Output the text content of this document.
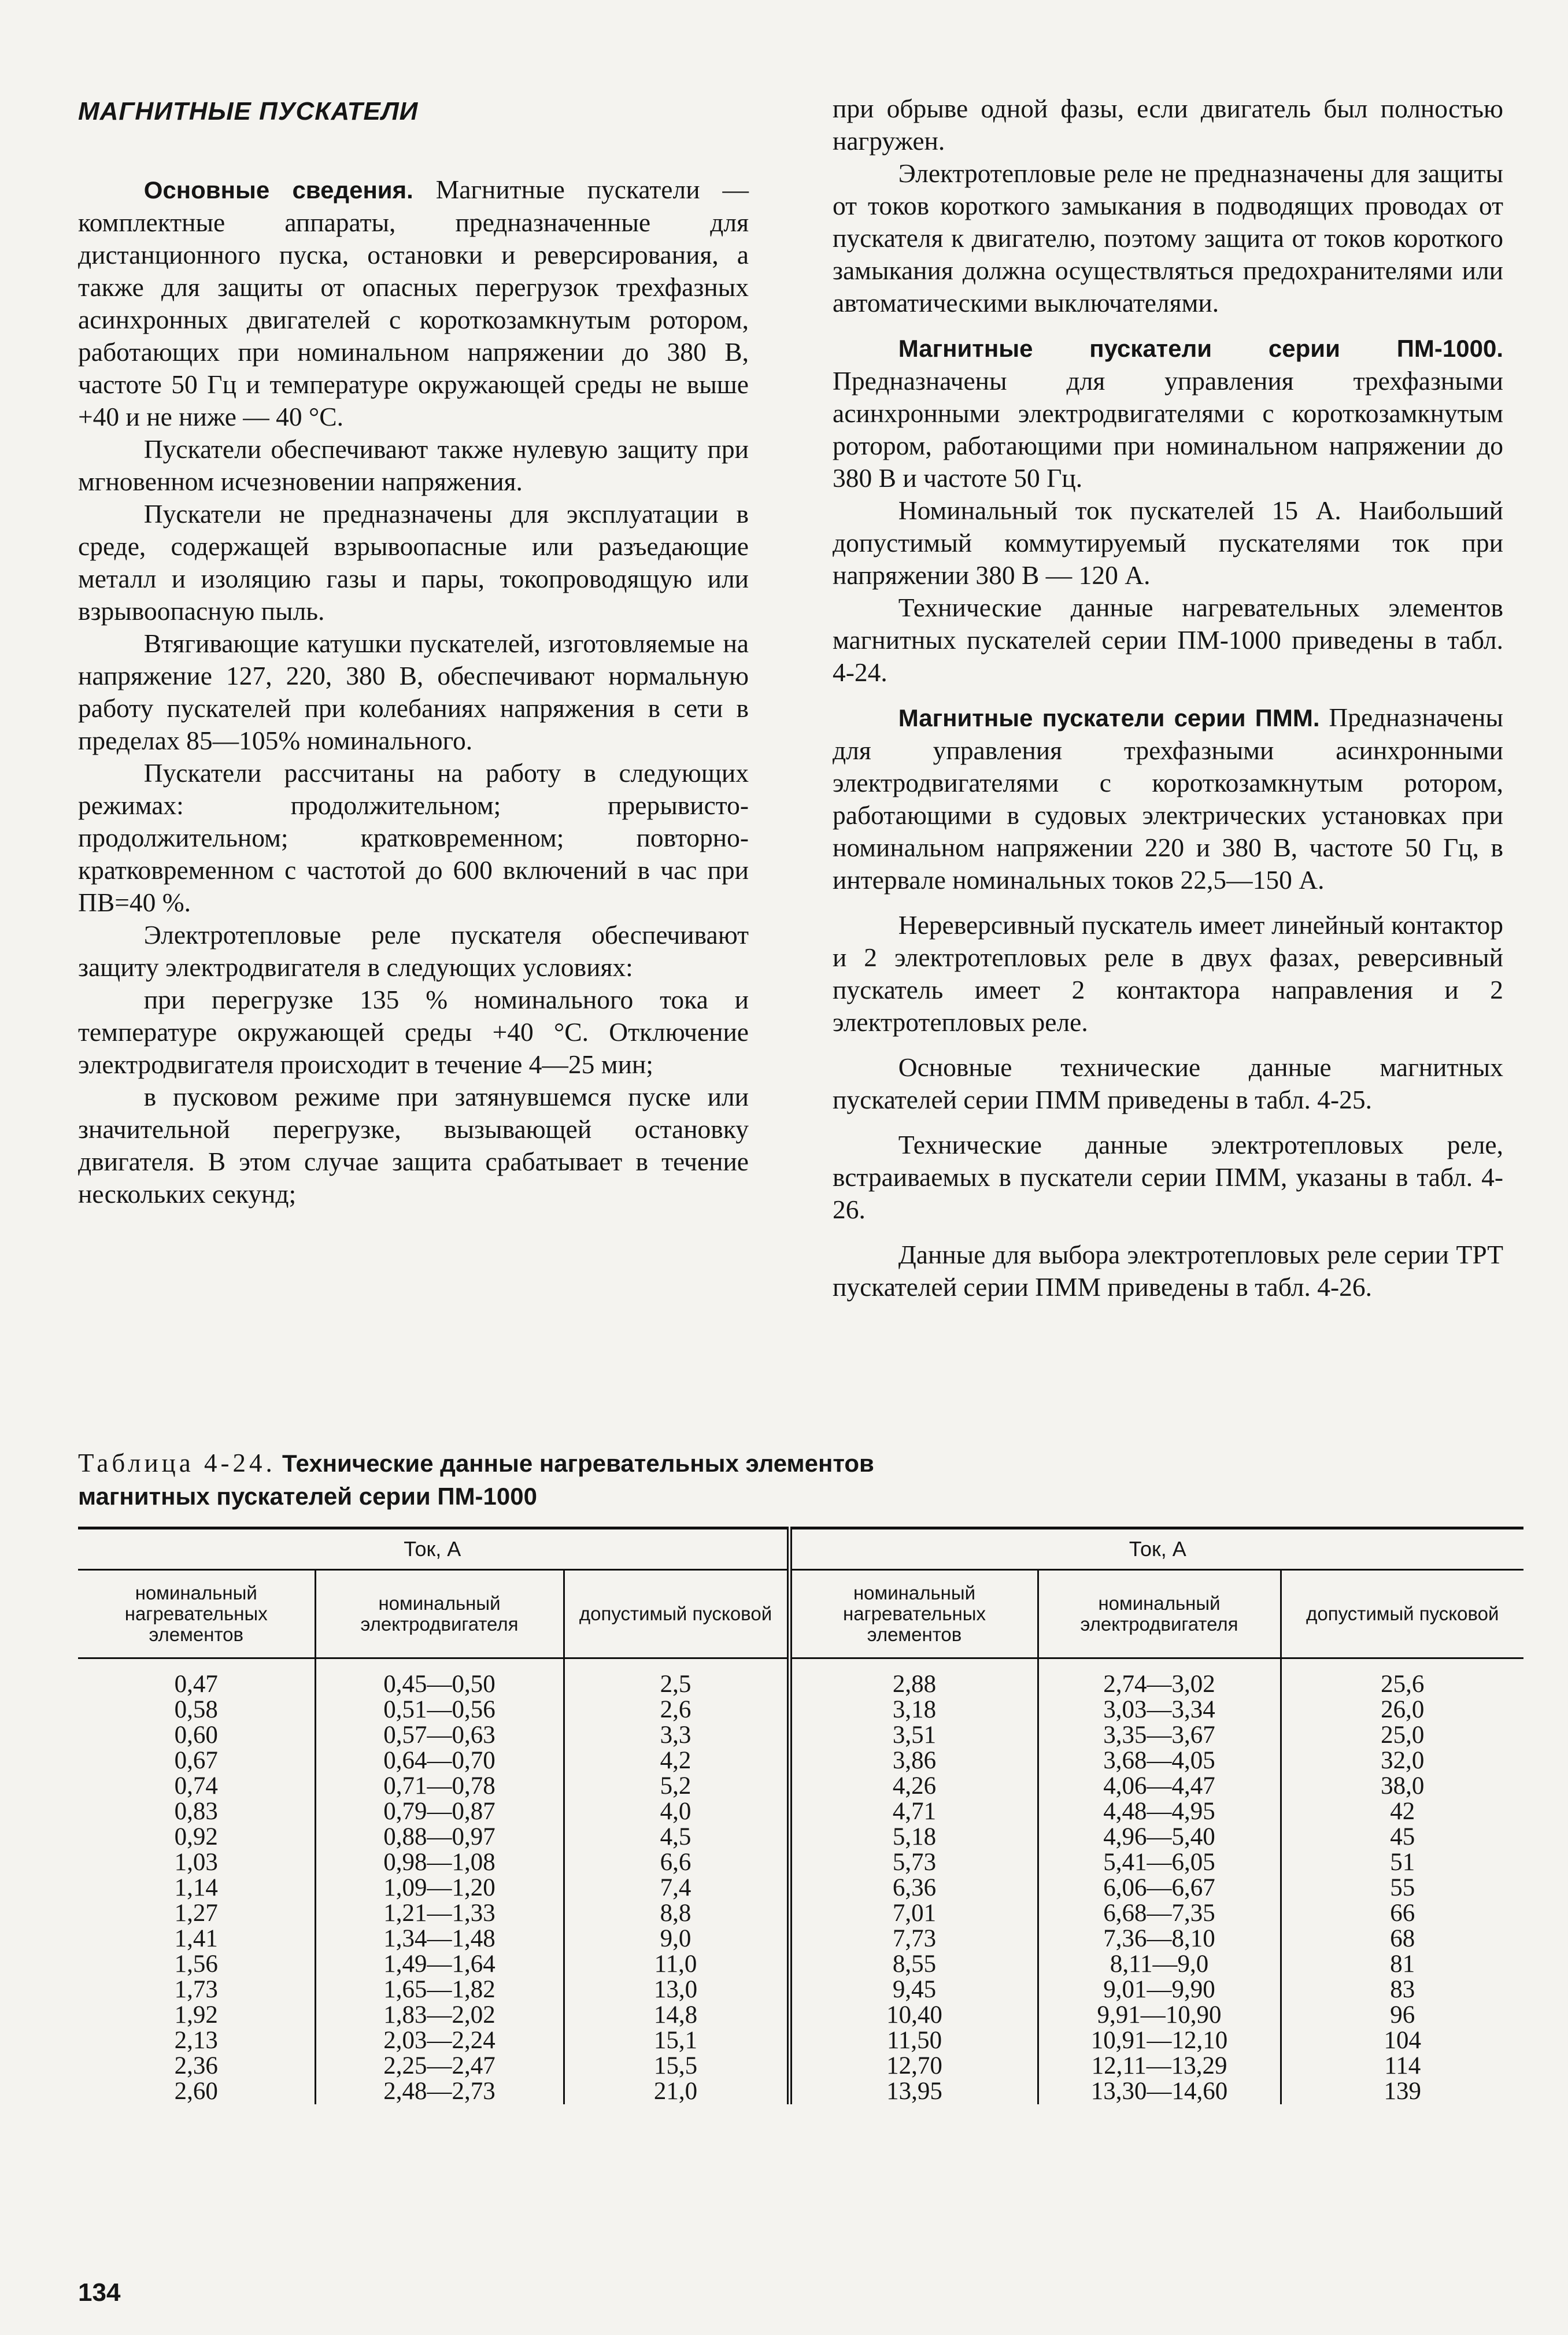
МАГНИТНЫЕ ПУСКАТЕЛИ

Основные сведения. Магнитные пускатели — комплектные аппараты, предназначенные для дистанционного пуска, остановки и реверсирования, а также для защиты от опасных перегрузок трехфазных асинхронных двигателей с короткозамкнутым ротором, работающих при номинальном напряжении до 380 В, частоте 50 Гц и температуре окружающей среды не выше +40 и не ниже — 40 °С.

Пускатели обеспечивают также нулевую защиту при мгновенном исчезновении напряжения.

Пускатели не предназначены для эксплуатации в среде, содержащей взрывоопасные или разъедающие металл и изоляцию газы и пары, токопроводящую или взрывоопасную пыль.

Втягивающие катушки пускателей, изготовляемые на напряжение 127, 220, 380 В, обеспечивают нормальную работу пускателей при колебаниях напряжения в сети в пределах 85—105% номинального.

Пускатели рассчитаны на работу в следующих режимах: продолжительном; прерывисто-продолжительном; кратковременном; повторно-кратковременном с частотой до 600 включений в час при ПВ=40 %.

Электротепловые реле пускателя обеспечивают защиту электродвигателя в следующих условиях:

при перегрузке 135 % номинального тока и температуре окружающей среды +40 °С. Отключение электродвигателя происходит в течение 4—25 мин;

в пусковом режиме при затянувшемся пуске или значительной перегрузке, вызывающей остановку двигателя. В этом случае защита срабатывает в течение нескольких секунд;

при обрыве одной фазы, если двигатель был полностью нагружен.

Электротепловые реле не предназначены для защиты от токов короткого замыкания в подводящих проводах от пускателя к двигателю, поэтому защита от токов короткого замыкания должна осуществляться предохранителями или автоматическими выключателями.

Магнитные пускатели серии ПМ-1000. Предназначены для управления трехфазными асинхронными электродвигателями с короткозамкнутым ротором, работающими при номинальном напряжении до 380 В и частоте 50 Гц.

Номинальный ток пускателей 15 А. Наибольший допустимый коммутируемый пускателями ток при напряжении 380 В — 120 А.

Технические данные нагревательных элементов магнитных пускателей серии ПМ-1000 приведены в табл. 4-24.

Магнитные пускатели серии ПММ. Предназначены для управления трехфазными асинхронными электродвигателями с короткозамкнутым ротором, работающими в судовых электрических установках при номинальном напряжении 220 и 380 В, частоте 50 Гц, в интервале номинальных токов 22,5—150 А.

Нереверсивный пускатель имеет линейный контактор и 2 электротепловых реле в двух фазах, реверсивный пускатель имеет 2 контактора направления и 2 электротепловых реле.

Основные технические данные магнитных пускателей серии ПММ приведены в табл. 4-25.

Технические данные электротепловых реле, встраиваемых в пускатели серии ПММ, указаны в табл. 4-26.

Данные для выбора электротепловых реле серии ТРТ пускателей серии ПММ приведены в табл. 4-26.

Таблица 4-24. Технические данные нагревательных элементов
магнитных пускателей серии ПМ-1000
Ток, А			Ток, А		
номинальный нагревательных элементов	номинальный электродвигателя	допустимый пусковой	номинальный нагревательных элементов	номинальный электродвигателя	допустимый пусковой
0,47	0,45—0,50	2,5	2,88	2,74—3,02	25,6
0,58	0,51—0,56	2,6	3,18	3,03—3,34	26,0
0,60	0,57—0,63	3,3	3,51	3,35—3,67	25,0
0,67	0,64—0,70	4,2	3,86	3,68—4,05	32,0
0,74	0,71—0,78	5,2	4,26	4,06—4,47	38,0
0,83	0,79—0,87	4,0	4,71	4,48—4,95	42
0,92	0,88—0,97	4,5	5,18	4,96—5,40	45
1,03	0,98—1,08	6,6	5,73	5,41—6,05	51
1,14	1,09—1,20	7,4	6,36	6,06—6,67	55
1,27	1,21—1,33	8,8	7,01	6,68—7,35	66
1,41	1,34—1,48	9,0	7,73	7,36—8,10	68
1,56	1,49—1,64	11,0	8,55	8,11—9,0	81
1,73	1,65—1,82	13,0	9,45	9,01—9,90	83
1,92	1,83—2,02	14,8	10,40	9,91—10,90	96
2,13	2,03—2,24	15,1	11,50	10,91—12,10	104
2,36	2,25—2,47	15,5	12,70	12,11—13,29	114
2,60	2,48—2,73	21,0	13,95	13,30—14,60	139
134
